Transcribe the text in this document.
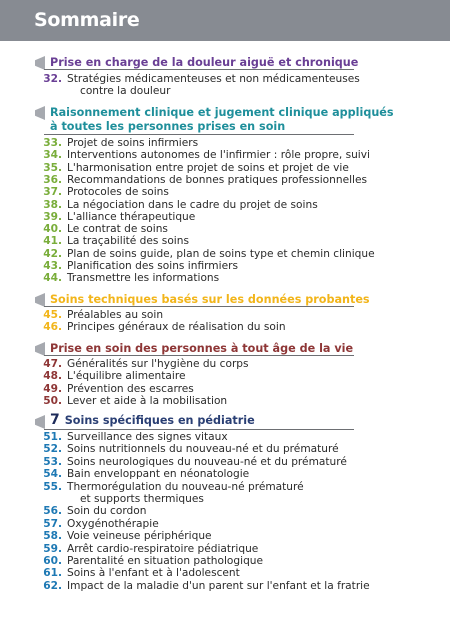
Sommaire
Prise en charge de la douleur aiguë et chronique
32. Stratégies médicamenteuses et non médicamenteuses
contre la douleur
Raisonnement clinique et jugement clinique appliqués
à toutes les personnes prises en soin
Soins techniques basés sur les données probantes
Prise en soin des personnes à tout âge de la vie
7 Soins spécifiques en pédiatrie
33. Projet de soins infirmiers
34. Interventions autonomes de l'infirmier : rôle propre, suivi
35. L'harmonisation entre projet de soins et projet de vie
36. Recommandations de bonnes pratiques professionnelles
37. Protocoles de soins
38. La négociation dans le cadre du projet de soins
39. L'alliance thérapeutique
40. Le contrat de soins
41. La traçabilité des soins
42. Plan de soins guide, plan de soins type et chemin clinique
43. Planification des soins infirmiers
44. Transmettre les informations
45. Préalables au soin
46. Principes généraux de réalisation du soin
47. Généralités sur l'hygiène du corps
48. L'équilibre alimentaire
49. Prévention des escarres
50. Lever et aide à la mobilisation
51. Surveillance des signes vitaux
52. Soins nutritionnels du nouveau-né et du prématuré
53. Soins neurologiques du nouveau-né et du prématuré
54. Bain enveloppant en néonatologie
55. Thermorégulation du nouveau-né prématuré
et supports thermiques
56. Soin du cordon
57. Oxygénothérapie
58. Voie veineuse périphérique
59. Arrêt cardio-respiratoire pédiatrique
60. Parentalité en situation pathologique
61. Soins à l'enfant et à l'adolescent
62. Impact de la maladie d'un parent sur l'enfant et la fratrie
